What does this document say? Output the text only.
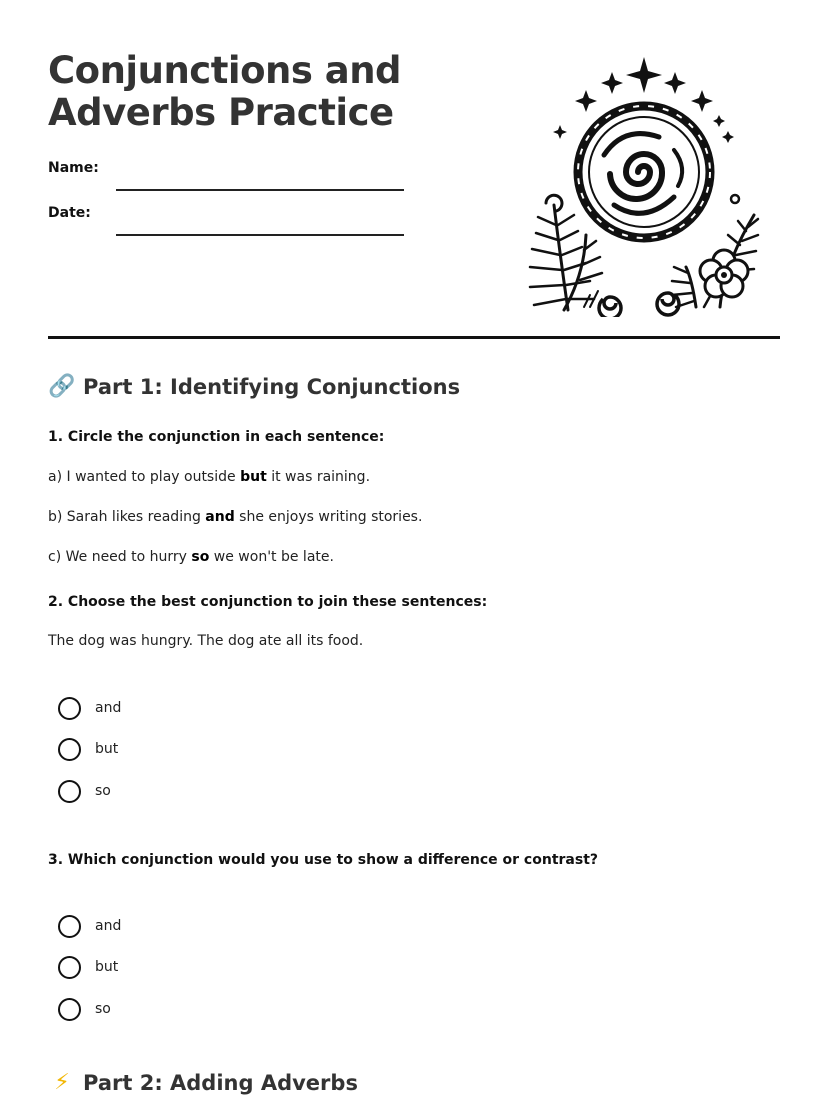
Conjunctions and
Adverbs Practice
Name:
Date:
🔗 Part 1: Identifying Conjunctions
1. Circle the conjunction in each sentence:
a) I wanted to play outside but it was raining.
b) Sarah likes reading and she enjoys writing stories.
c) We need to hurry so we won't be late.
2. Choose the best conjunction to join these sentences:
The dog was hungry. The dog ate all its food.
and
but
so
3. Which conjunction would you use to show a difference or contrast?
and
but
so
⚡ Part 2: Adding Adverbs
